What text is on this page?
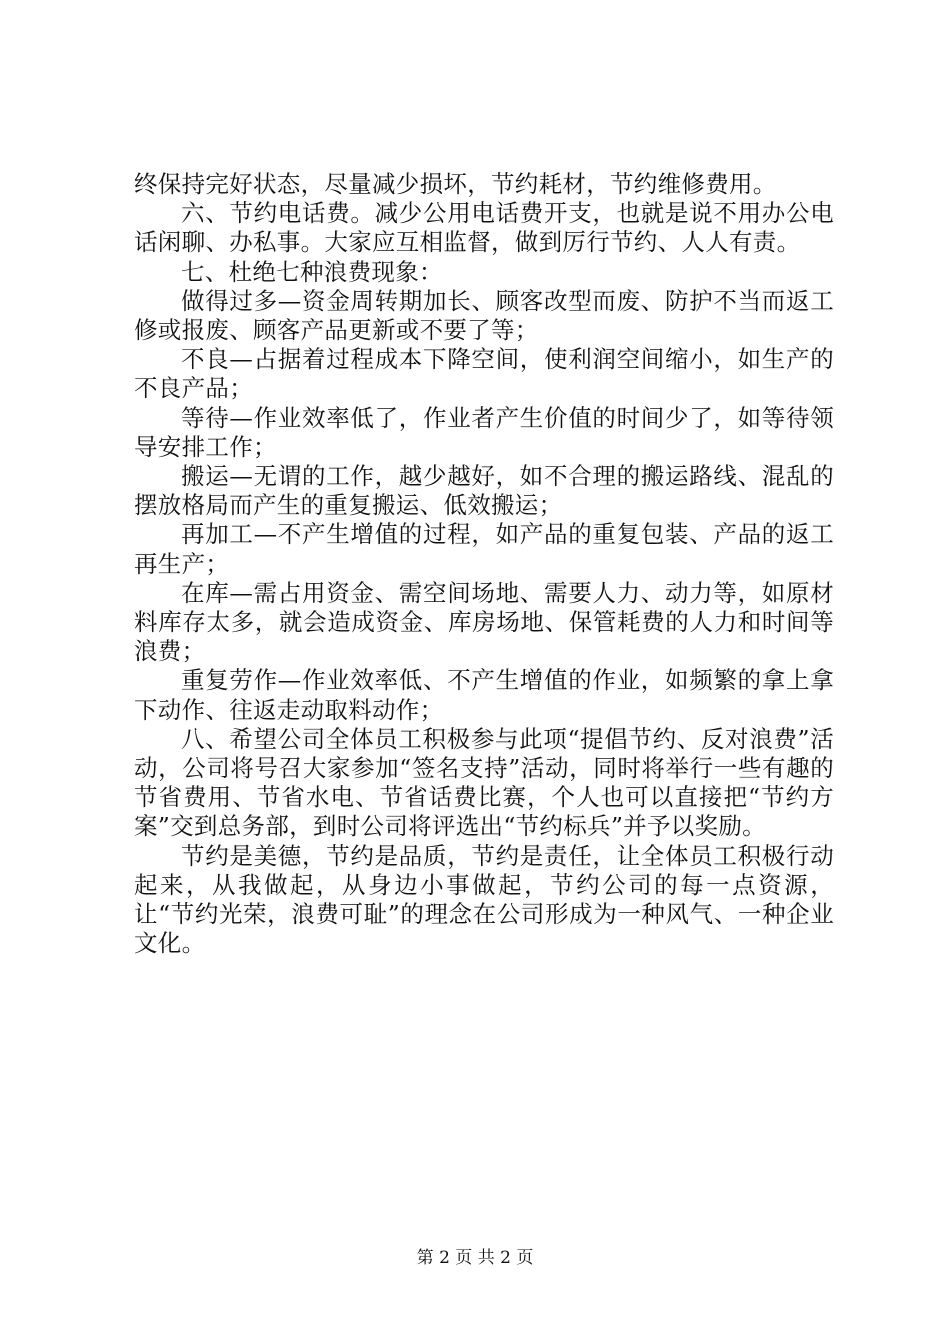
终保持完好状态，尽量减少损坏，节约耗材，节约维修费用。

六、节约电话费。减少公用电话费开支，也就是说不用办公电话闲聊、办私事。大家应互相监督，做到厉行节约、人人有责。

七、杜绝七种浪费现象：

做得过多—资金周转期加长、顾客改型而废、防护不当而返工修或报废、顾客产品更新或不要了等；

不良—占据着过程成本下降空间，使利润空间缩小，如生产的不良产品；

等待—作业效率低了，作业者产生价值的时间少了，如等待领导安排工作；

搬运—无谓的工作，越少越好，如不合理的搬运路线、混乱的摆放格局而产生的重复搬运、低效搬运；

再加工—不产生增值的过程，如产品的重复包装、产品的返工再生产；

在库—需占用资金、需空间场地、需要人力、动力等，如原材料库存太多，就会造成资金、库房场地、保管耗费的人力和时间等浪费；

重复劳作—作业效率低、不产生增值的作业，如频繁的拿上拿下动作、往返走动取料动作；

八、希望公司全体员工积极参与此项“提倡节约、反对浪费”活动，公司将号召大家参加“签名支持”活动，同时将举行一些有趣的节省费用、节省水电、节省话费比赛，个人也可以直接把“节约方案”交到总务部，到时公司将评选出“节约标兵”并予以奖励。

节约是美德，节约是品质，节约是责任，让全体员工积极行动起来，从我做起，从身边小事做起，节约公司的每一点资源，让“节约光荣，浪费可耻”的理念在公司形成为一种风气、一种企业文化。

第 2 页 共 2 页
